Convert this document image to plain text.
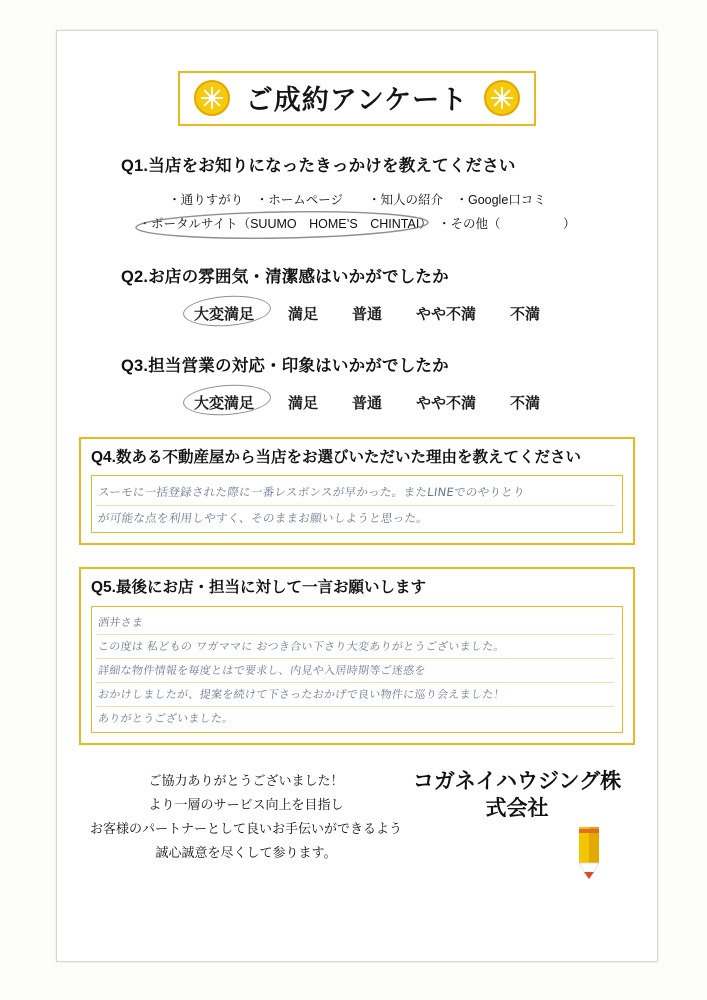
ご成約アンケート
Q1.当店をお知りになったきっかけを教えてください
・通りすがり　・ホームページ　　・知人の紹介　・Google口コミ
・ポータルサイト（SUUMO　HOME’S　CHINTAI）　・その他（　　　　　）
Q2.お店の雰囲気・清潔感はいかがでしたか
大変満足 満足 普通 やや不満 不満
Q3.担当営業の対応・印象はいかがでしたか
大変満足 満足 普通 やや不満 不満
Q4.数ある不動産屋から当店をお選びいただいた理由を教えてください
スーモに一括登録された際に一番レスポンスが早かった。またLINEでのやりとり
が可能な点を利用しやすく、そのままお願いしようと思った。
Q5.最後にお店・担当に対して一言お願いします
酒井さま
この度は 私どもの ワガママに おつき合い下さり大変ありがとうございました。
詳細な物件情報を毎度とはで要求し、内見や入居時期等ご迷惑を
おかけしましたが、提案を続けて下さったおかげで良い物件に巡り会えました！
ありがとうございました。
ご協力ありがとうございました！
より一層のサービス向上を目指し
お客様のパートナーとして良いお手伝いができるよう
誠心誠意を尽くして参ります。
コガネイハウジング株
式会社
